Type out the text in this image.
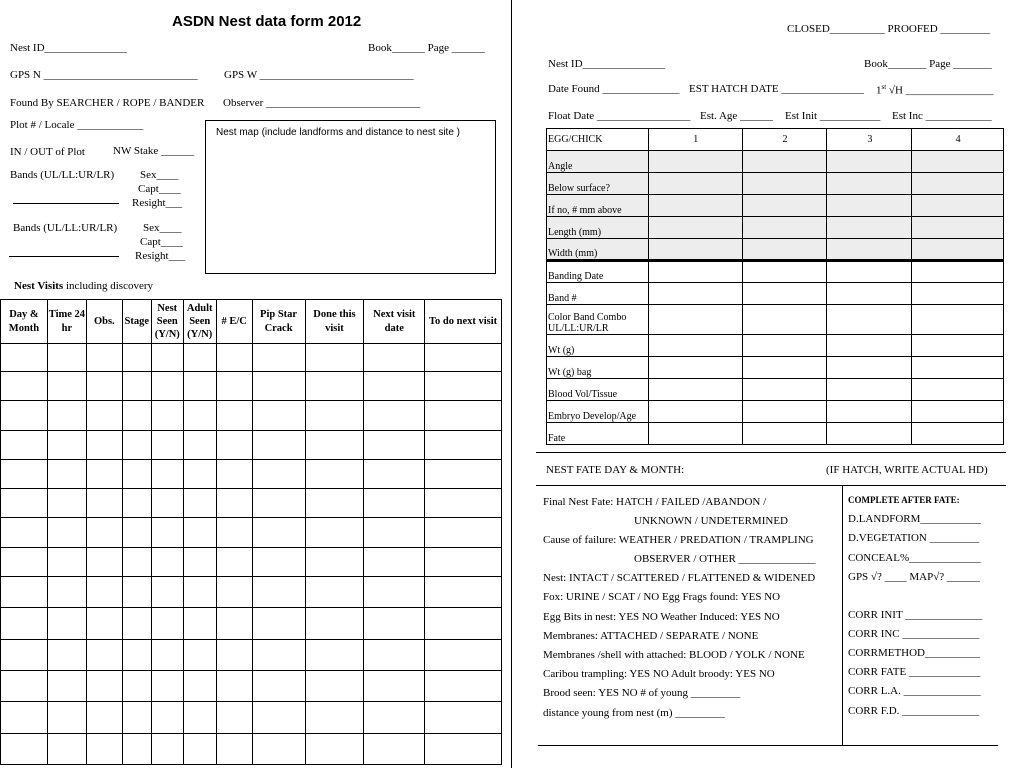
ASDN Nest data form 2012
Nest ID_______________	Book______ Page ______
GPS N ____________________________ GPS W ____________________________
Found By SEARCHER / ROPE / BANDER Observer ____________________________
Plot # / Locale ____________
IN / OUT of Plot	NW Stake ______
Nest map (include landforms and distance to nest site )
Bands (UL/LL:UR/LR) Sex____
Capt____
Resight___
Bands (UL/LL:UR/LR) Sex____
Capt____
Resight___
Nest Visits including discovery
Day & Month	Time 24 hr	Obs.	Stage	Nest Seen (Y/N)	Adult Seen (Y/N)	# E/C	Pip Star Crack	Done this visit	Next visit date	To do next visit

CLOSED__________ PROOFED _________
Nest ID_______________	Book_______ Page _______
Date Found ______________ EST HATCH DATE _______________ 1st √H ________________
Float Date _________________ Est. Age ______ Est Init ___________ Est Inc ____________
EGG/CHICK	1	2	3	4
Angle				
Below surface?				
If no, # mm above				
Length (mm)				
Width (mm)				
Banding Date				
Band #				
Color Band Combo UL/LL:UR/LR				
Wt (g)				
Wt (g) bag				
Blood Vol/Tissue				
Embryo Develop/Age				
Fate				
NEST FATE DAY & MONTH:	(IF HATCH, WRITE ACTUAL HD)
Final Nest Fate: HATCH / FAILED /ABANDON /
UNKNOWN / UNDETERMINED
Cause of failure: WEATHER / PREDATION / TRAMPLING
OBSERVER / OTHER ______________
Nest: INTACT / SCATTERED / FLATTENED & WIDENED
Fox: URINE / SCAT / NO Egg Frags found: YES NO
Egg Bits in nest: YES NO Weather Induced: YES NO
Membranes: ATTACHED / SEPARATE / NONE
Membranes /shell with attached: BLOOD / YOLK / NONE
Caribou trampling: YES NO Adult broody: YES NO
Brood seen: YES NO # of young _________
distance young from nest (m) _________
COMPLETE AFTER FATE:
D.LANDFORM___________
D.VEGETATION _________
CONCEAL%_____________
GPS √? ____ MAP√? ______
CORR INIT ______________
CORR INC ______________
CORRMETHOD__________
CORR FATE _____________
CORR L.A. ______________
CORR F.D. ______________
